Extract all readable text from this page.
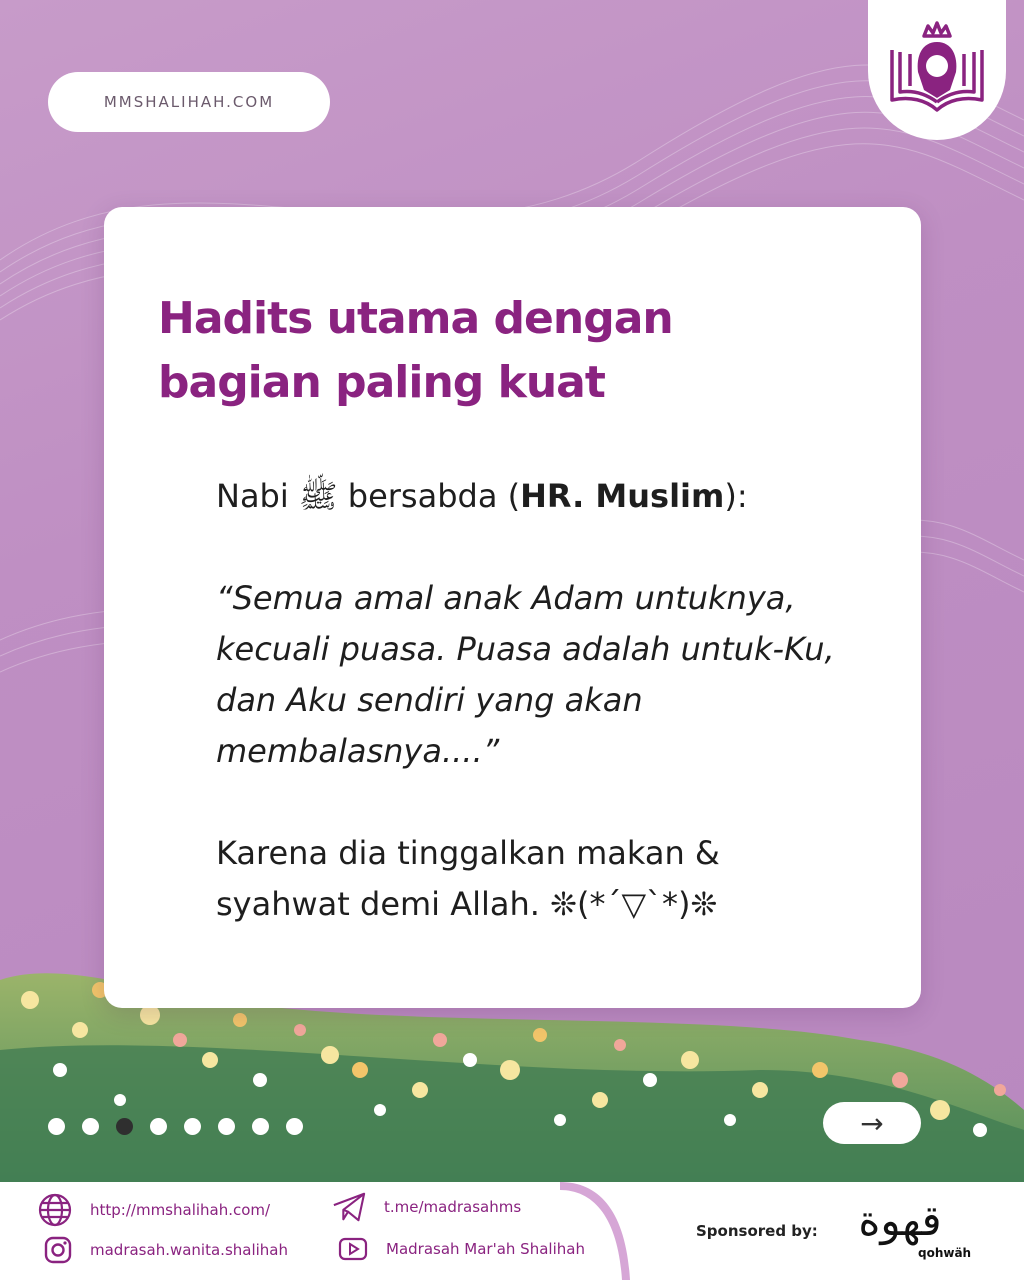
MMSHALIHAH.COM
Hadits utama dengan
bagian paling kuat

Nabi ﷺ bersabda (HR. Muslim):

“Semua amal anak Adam untuknya, kecuali puasa. Puasa adalah untuk-Ku, dan Aku sendiri yang akan membalasnya....”

Karena dia tinggalkan makan & syahwat demi Allah. ❊(*´▽`*)❊

→
http://mmshalihah.com/
madrasah.wanita.shalihah
t.me/madrasahms
Madrasah Mar'ah Shalihah
Sponsored by: قهوة
qohwäh
